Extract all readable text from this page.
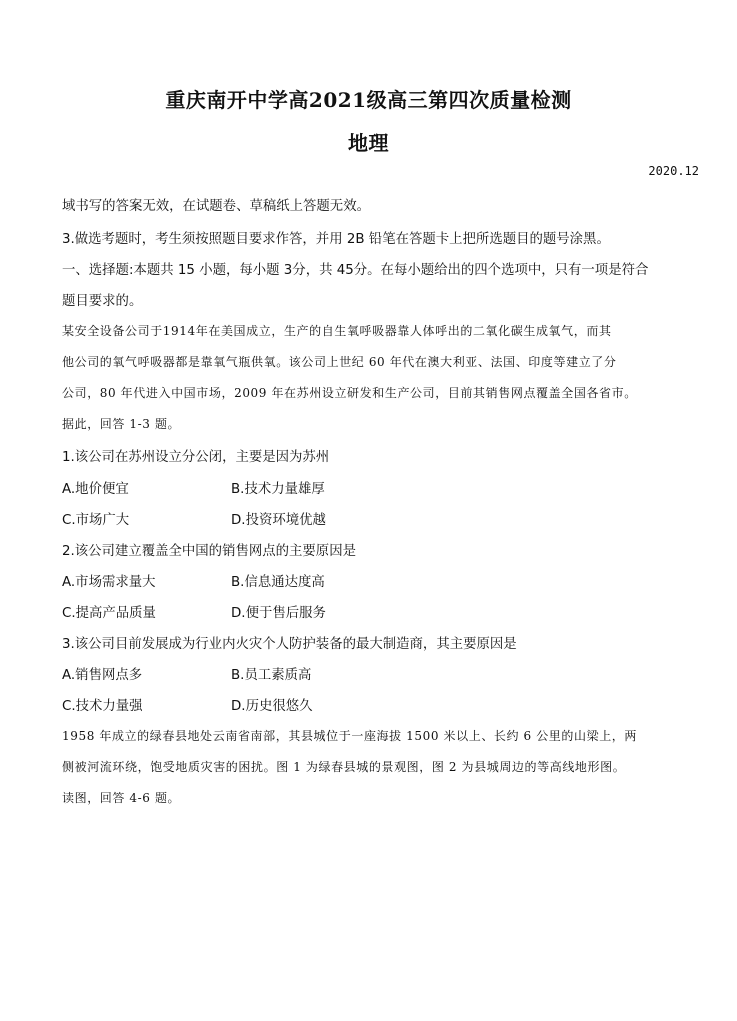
重庆南开中学高2021级高三第四次质量检测
地理
2020.12
域书写的答案无效，在试题卷、草稿纸上答题无效。
3.做选考题时，考生须按照题目要求作答，并用 2B 铅笔在答题卡上把所选题目的题号涂黑。
一、选择题:本题共 15 小题，每小题 3分，共 45分。在每小题给出的四个选项中，只有一项是符合
题目要求的。
某安全设备公司于1914年在美国成立，生产的自生氧呼吸器靠人体呼出的二氧化碳生成氧气，而其
他公司的氧气呼吸器都是靠氧气瓶供氧。该公司上世纪 60 年代在澳大利亚、法国、印度等建立了分
公司，80 年代进入中国市场，2009 年在苏州设立研发和生产公司，目前其销售网点覆盖全国各省市。
据此，回答 1-3 题。
1.该公司在苏州设立分公闭，主要是因为苏州
A.地价便宜	B.技术力量雄厚
C.市场广大	D.投资环境优越
2.该公司建立覆盖全中国的销售网点的主要原因是
A.市场需求量大	B.信息通达度高
C.提高产品质量	D.便于售后服务
3.该公司目前发展成为行业内火灾个人防护装备的最大制造商，其主要原因是
A.销售网点多	B.员工素质高
C.技术力量强	D.历史很悠久
1958 年成立的绿春县地处云南省南部，其县城位于一座海拔 1500 米以上、长约 6 公里的山梁上，两
侧被河流环绕，饱受地质灾害的困扰。图 1 为绿春县城的景观图，图 2 为县城周边的等高线地形图。
读图，回答 4-6 题。
